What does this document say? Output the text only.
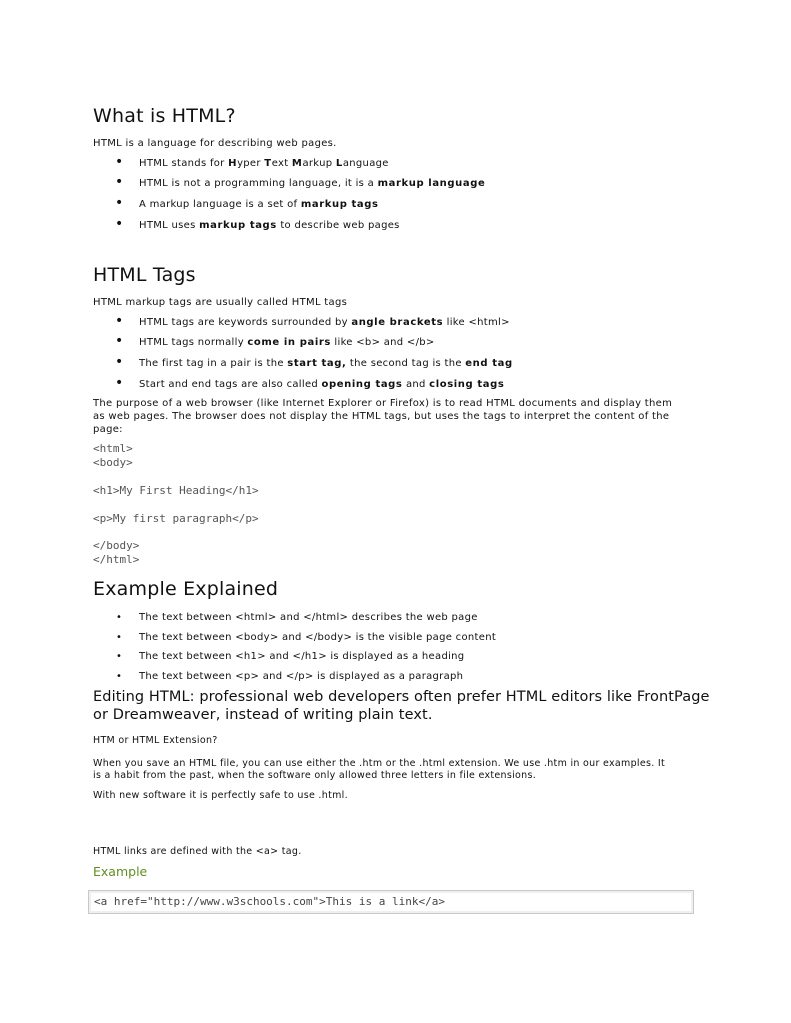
What is HTML?

HTML is a language for describing web pages.

• HTML stands for Hyper Text Markup Language
• HTML is not a programming language, it is a markup language
• A markup language is a set of markup tags
• HTML uses markup tags to describe web pages
HTML Tags

HTML markup tags are usually called HTML tags

• HTML tags are keywords surrounded by angle brackets like <html>
• HTML tags normally come in pairs like <b> and </b>
• The first tag in a pair is the start tag, the second tag is the end tag
• Start and end tags are also called opening tags and closing tags

The purpose of a web browser (like Internet Explorer or Firefox) is to read HTML documents and display them

as web pages. The browser does not display the HTML tags, but uses the tags to interpret the content of the

page:

<html>
<body>
<h1>My First Heading</h1>
<p>My first paragraph</p>
</body>
</html>
Example Explained
• The text between <html> and </html> describes the web page
• The text between <body> and </body> is the visible page content
• The text between <h1> and </h1> is displayed as a heading
• The text between <p> and </p> is displayed as a paragraph
Editing HTML: professional web developers often prefer HTML editors like FrontPage
or Dreamweaver, instead of writing plain text.

HTM or HTML Extension?

When you save an HTML file, you can use either the .htm or the .html extension. We use .htm in our examples. It

is a habit from the past, when the software only allowed three letters in file extensions.

With new software it is perfectly safe to use .html.

HTML links are defined with the <a> tag.

Example
<a href="http://www.w3schools.com">This is a link</a>
